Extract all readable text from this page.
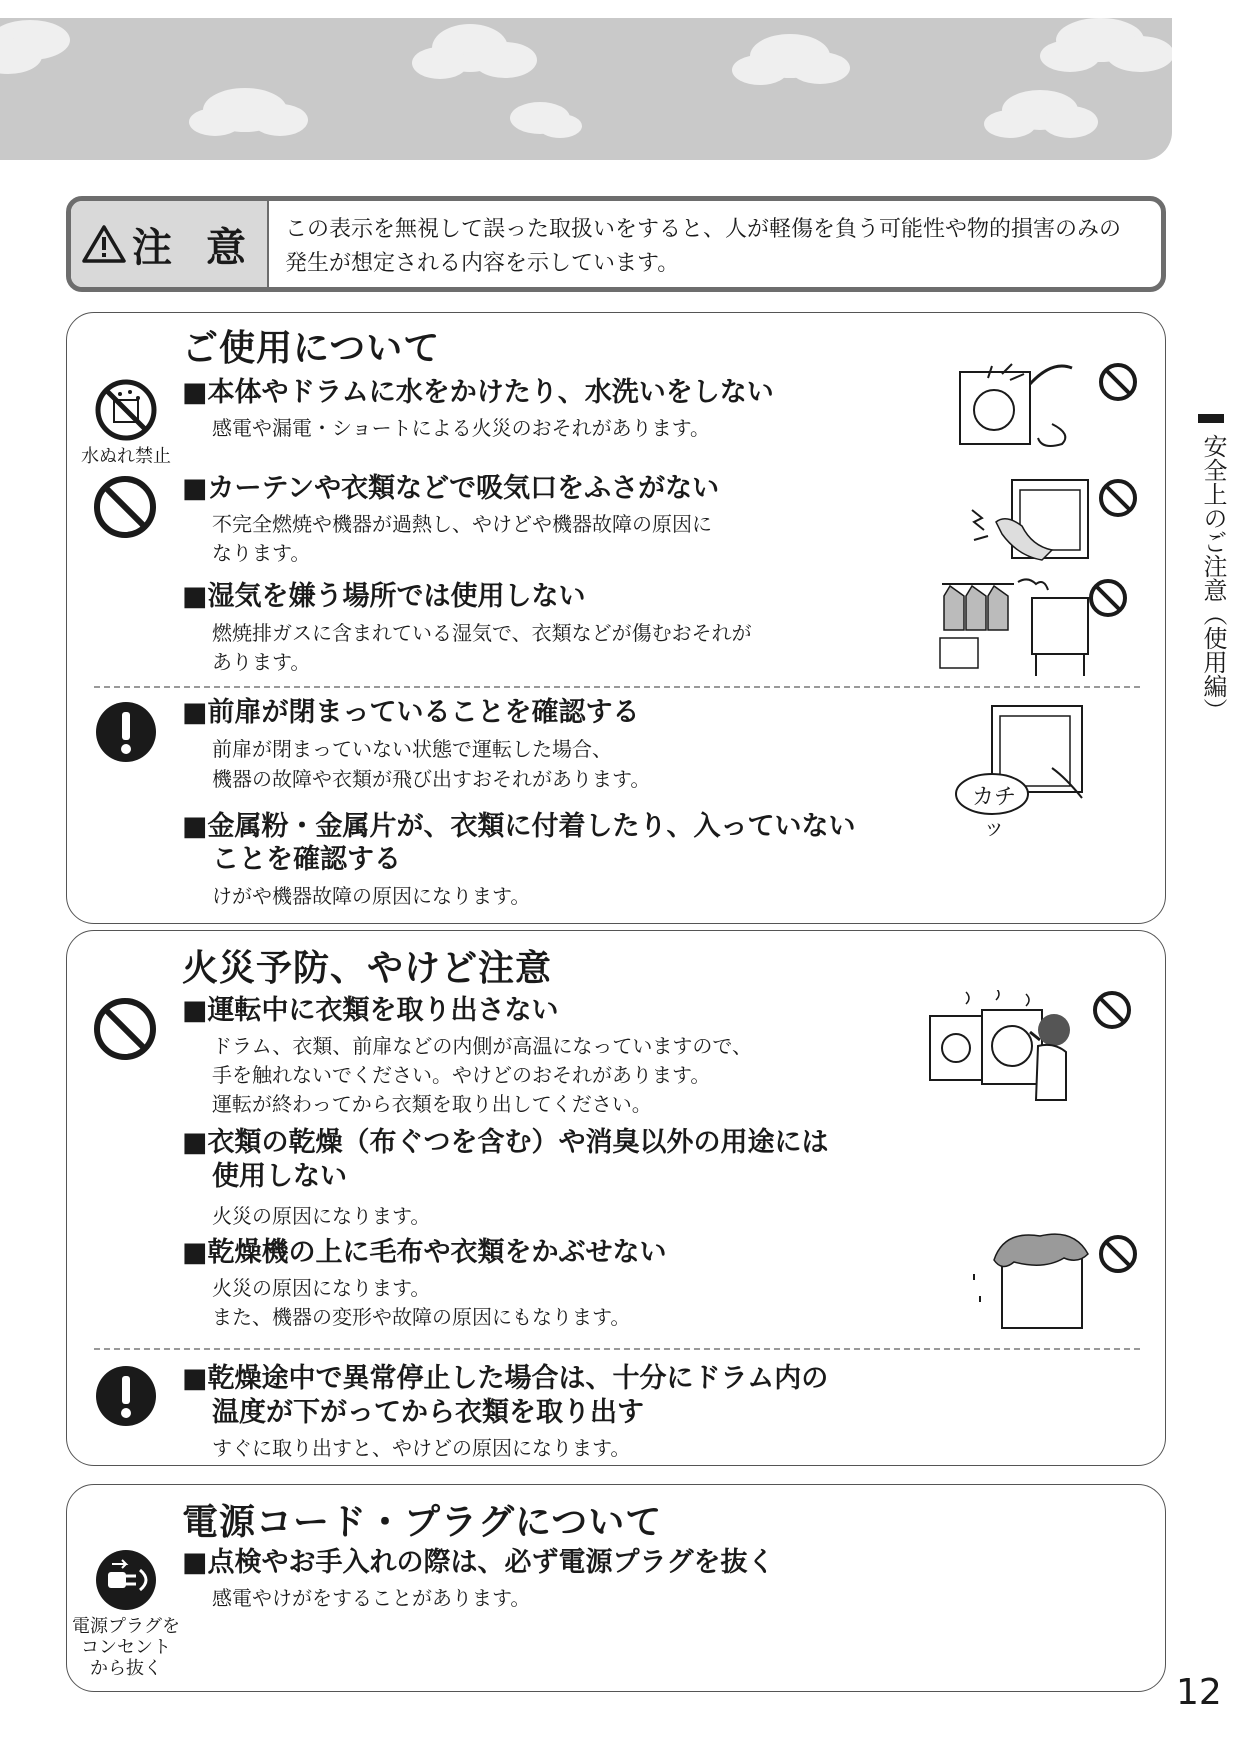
注 意 この表示を無視して誤った取扱いをすると、人が軽傷を負う可能性や物的損害のみの発生が想定される内容を示しています。
ご使用について
水ぬれ禁止
■本体やドラムに水をかけたり、水洗いをしない
感電や漏電・ショートによる火災のおそれがあります。
■カーテンや衣類などで吸気口をふさがない
不完全燃焼や機器が過熱し、やけどや機器故障の原因に
なります。
■湿気を嫌う場所では使用しない
燃焼排ガスに含まれている湿気で、衣類などが傷むおそれが
あります。
■前扉が閉まっていることを確認する
前扉が閉まっていない状態で運転した場合、
機器の故障や衣類が飛び出すおそれがあります。
■金属粉・金属片が、衣類に付着したり、入っていない
ことを確認する
けがや機器故障の原因になります。
カチッ
火災予防、やけど注意
■運転中に衣類を取り出さない
ドラム、衣類、前扉などの内側が高温になっていますので、
手を触れないでください。やけどのおそれがあります。
運転が終わってから衣類を取り出してください。
■衣類の乾燥（布ぐつを含む）や消臭以外の用途には
使用しない
火災の原因になります。
■乾燥機の上に毛布や衣類をかぶせない
火災の原因になります。
また、機器の変形や故障の原因にもなります。
■乾燥途中で異常停止した場合は、十分にドラム内の
温度が下がってから衣類を取り出す
すぐに取り出すと、やけどの原因になります。
電源コード・プラグについて
電源プラグを
コンセント
から抜く
■点検やお手入れの際は、必ず電源プラグを抜く
感電やけがをすることがあります。
安全上のご注意（使用編）
12
